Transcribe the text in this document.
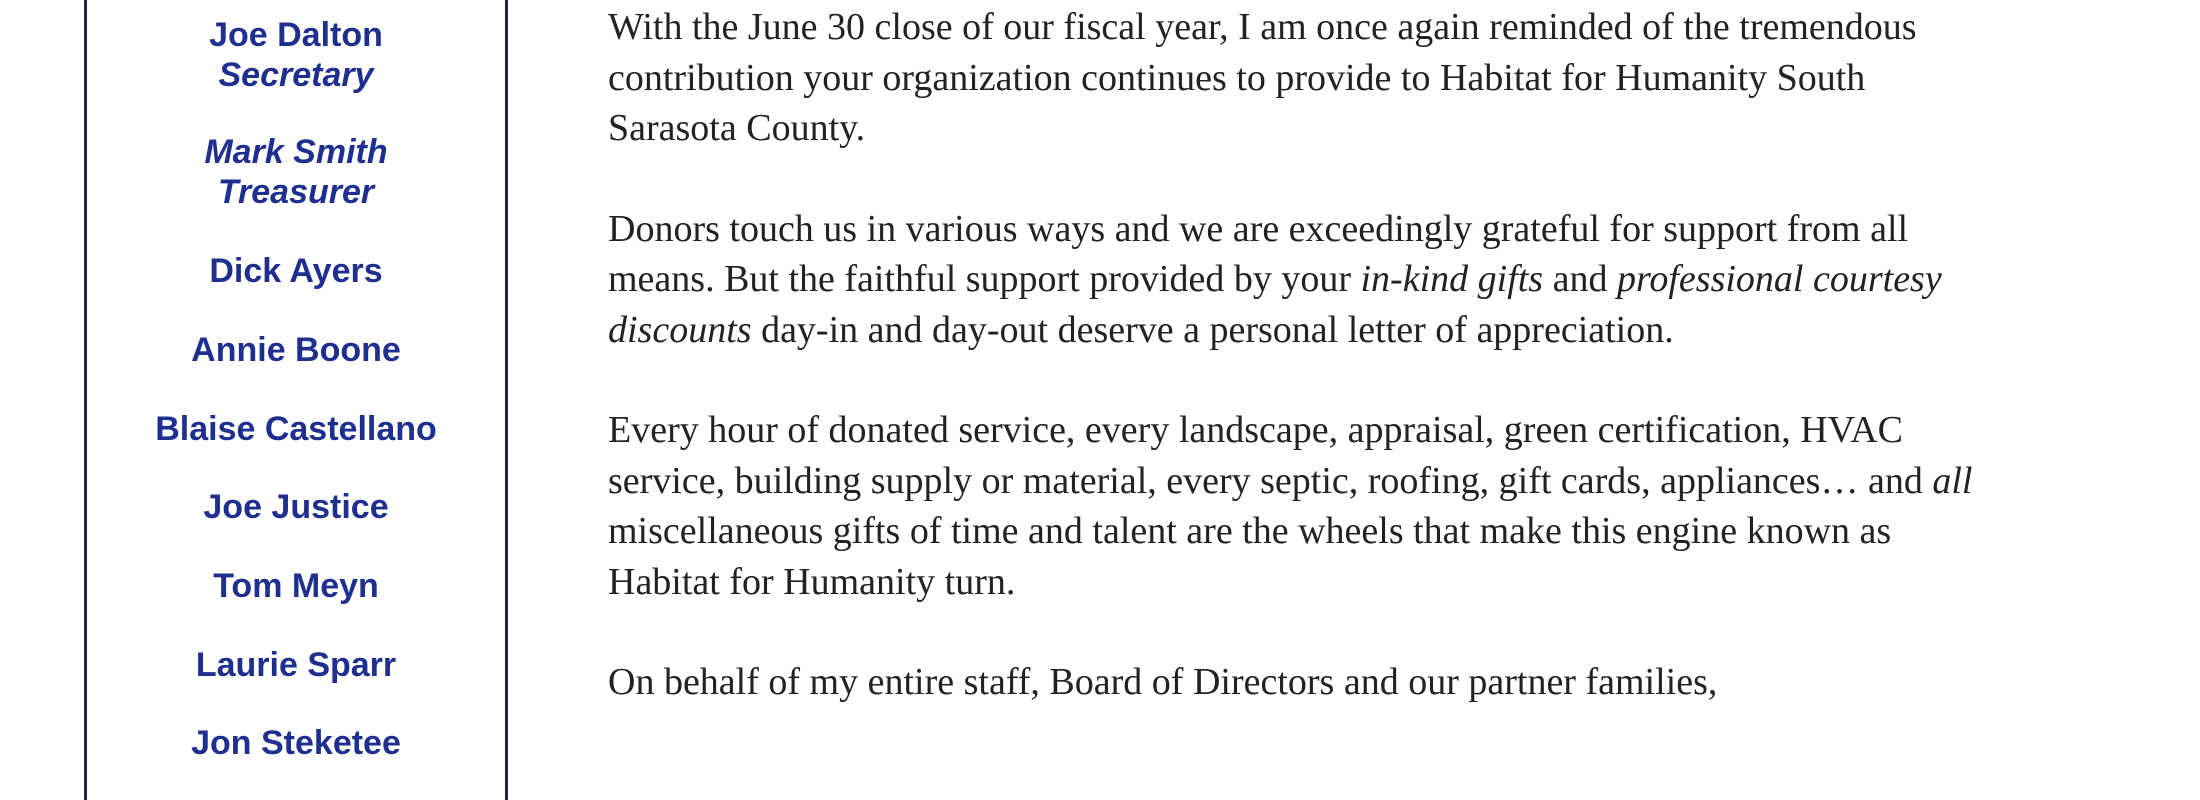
Joe Dalton
Secretary
Mark Smith
Treasurer
Dick Ayers
Annie Boone
Blaise Castellano
Joe Justice
Tom Meyn
Laurie Sparr
Jon Steketee

With the June 30 close of our fiscal year, I am once again reminded of the tremendous contribution your organization continues to provide to Habitat for Humanity South Sarasota County.

Donors touch us in various ways and we are exceedingly grateful for support from all means. But the faithful support provided by your in-kind gifts and professional courtesy discounts day-in and day-out deserve a personal letter of appreciation.

Every hour of donated service, every landscape, appraisal, green certification, HVAC service, building supply or material, every septic, roofing, gift cards, appliances… and all miscellaneous gifts of time and talent are the wheels that make this engine known as Habitat for Humanity turn.

On behalf of my entire staff, Board of Directors and our partner families,
